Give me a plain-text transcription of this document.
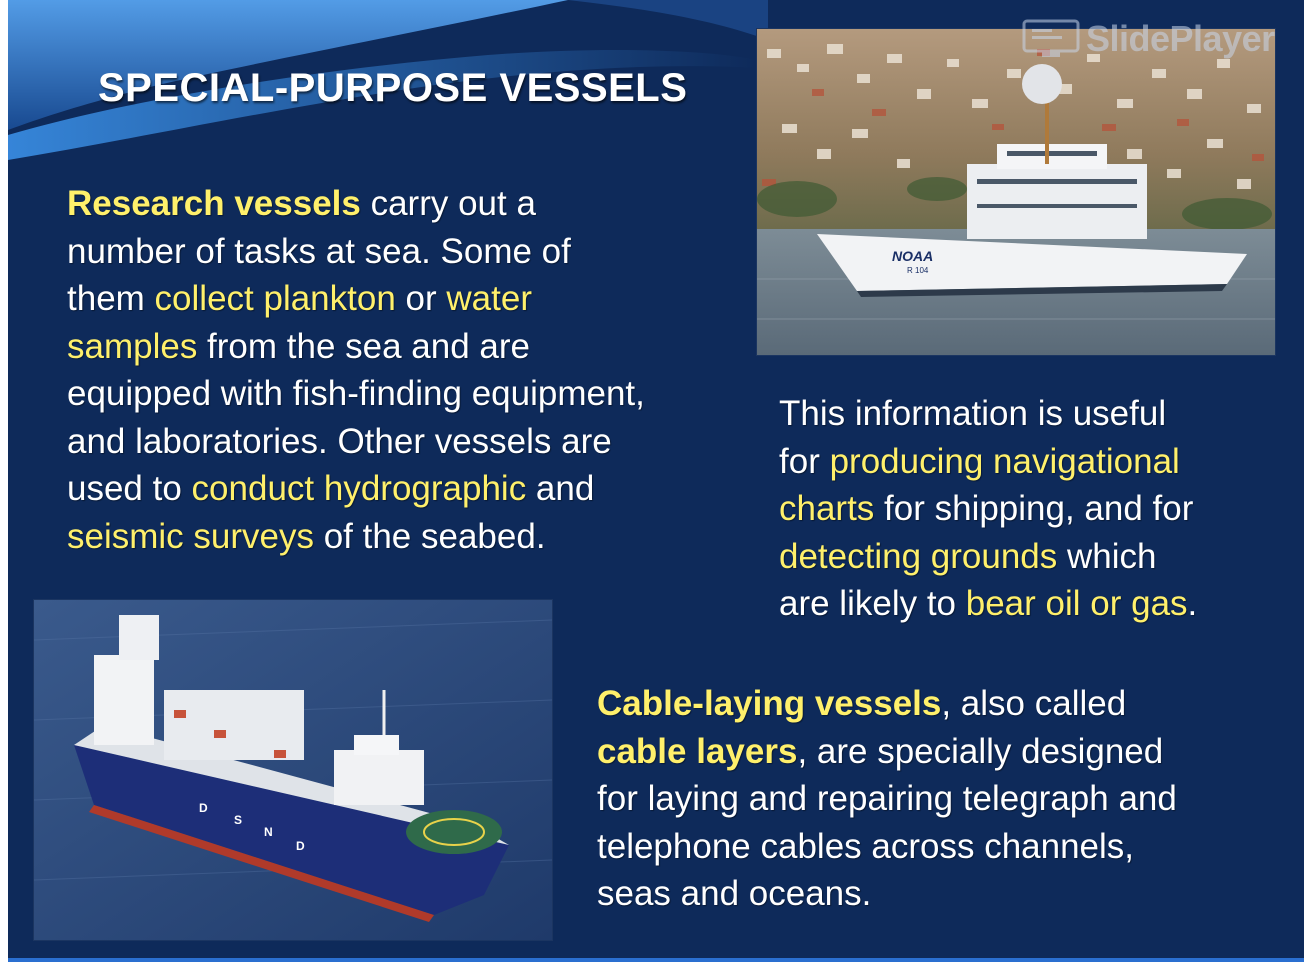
SPECIAL-PURPOSE VESSELS
NOAA
R 104
SlidePlayer
Research vessels carry out a
number of tasks at sea. Some of
them collect plankton or water
samples from the sea and are
equipped with fish-finding equipment,
and laboratories. Other vessels are
used to conduct hydrographic and
seismic surveys of the seabed.
This information is useful
for producing navigational
charts for shipping, and for
detecting grounds which
are likely to bear oil or gas.
D
S
N
D
Cable-laying vessels, also called
cable layers, are specially designed
for laying and repairing telegraph and
telephone cables across channels,
seas and oceans.
